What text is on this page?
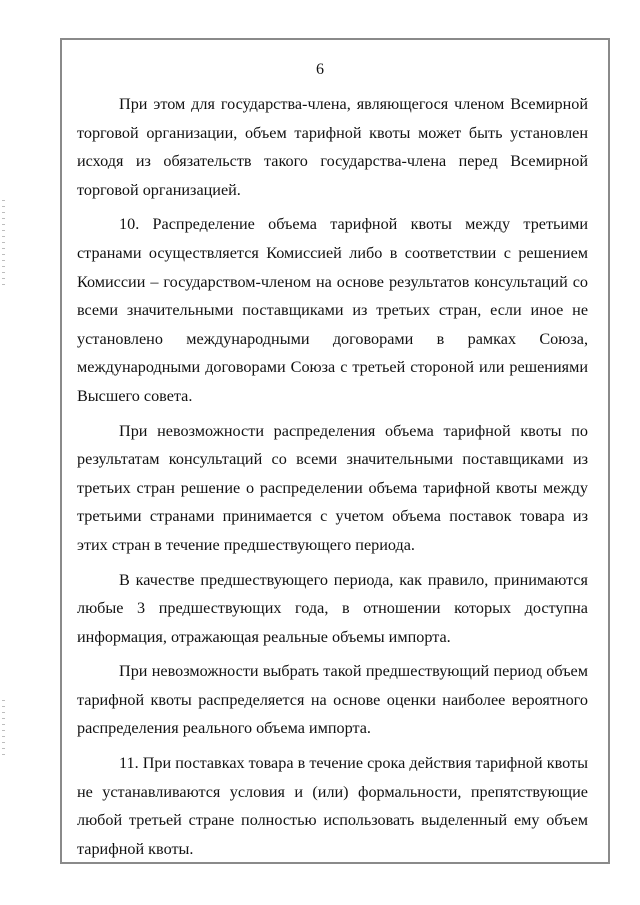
6

При этом для государства-члена, являющегося членом Всемирной торговой организации, объем тарифной квоты может быть установлен исходя из обязательств такого государства-члена перед Всемирной торговой организацией.

10. Распределение объема тарифной квоты между третьими странами осуществляется Комиссией либо в соответствии с решением Комиссии – государством-членом на основе результатов консультаций со всеми значительными поставщиками из третьих стран, если иное не установлено международными договорами в рамках Союза, международными договорами Союза с третьей стороной или решениями Высшего совета.

При невозможности распределения объема тарифной квоты по результатам консультаций со всеми значительными поставщиками из третьих стран решение о распределении объема тарифной квоты между третьими странами принимается с учетом объема поставок товара из этих стран в течение предшествующего периода.

В качестве предшествующего периода, как правило, принимаются любые 3 предшествующих года, в отношении которых доступна информация, отражающая реальные объемы импорта.

При невозможности выбрать такой предшествующий период объем тарифной квоты распределяется на основе оценки наиболее вероятного распределения реального объема импорта.

11. При поставках товара в течение срока действия тарифной квоты не устанавливаются условия и (или) формальности, препятствующие любой третьей стране полностью использовать выделенный ему объем тарифной квоты.
